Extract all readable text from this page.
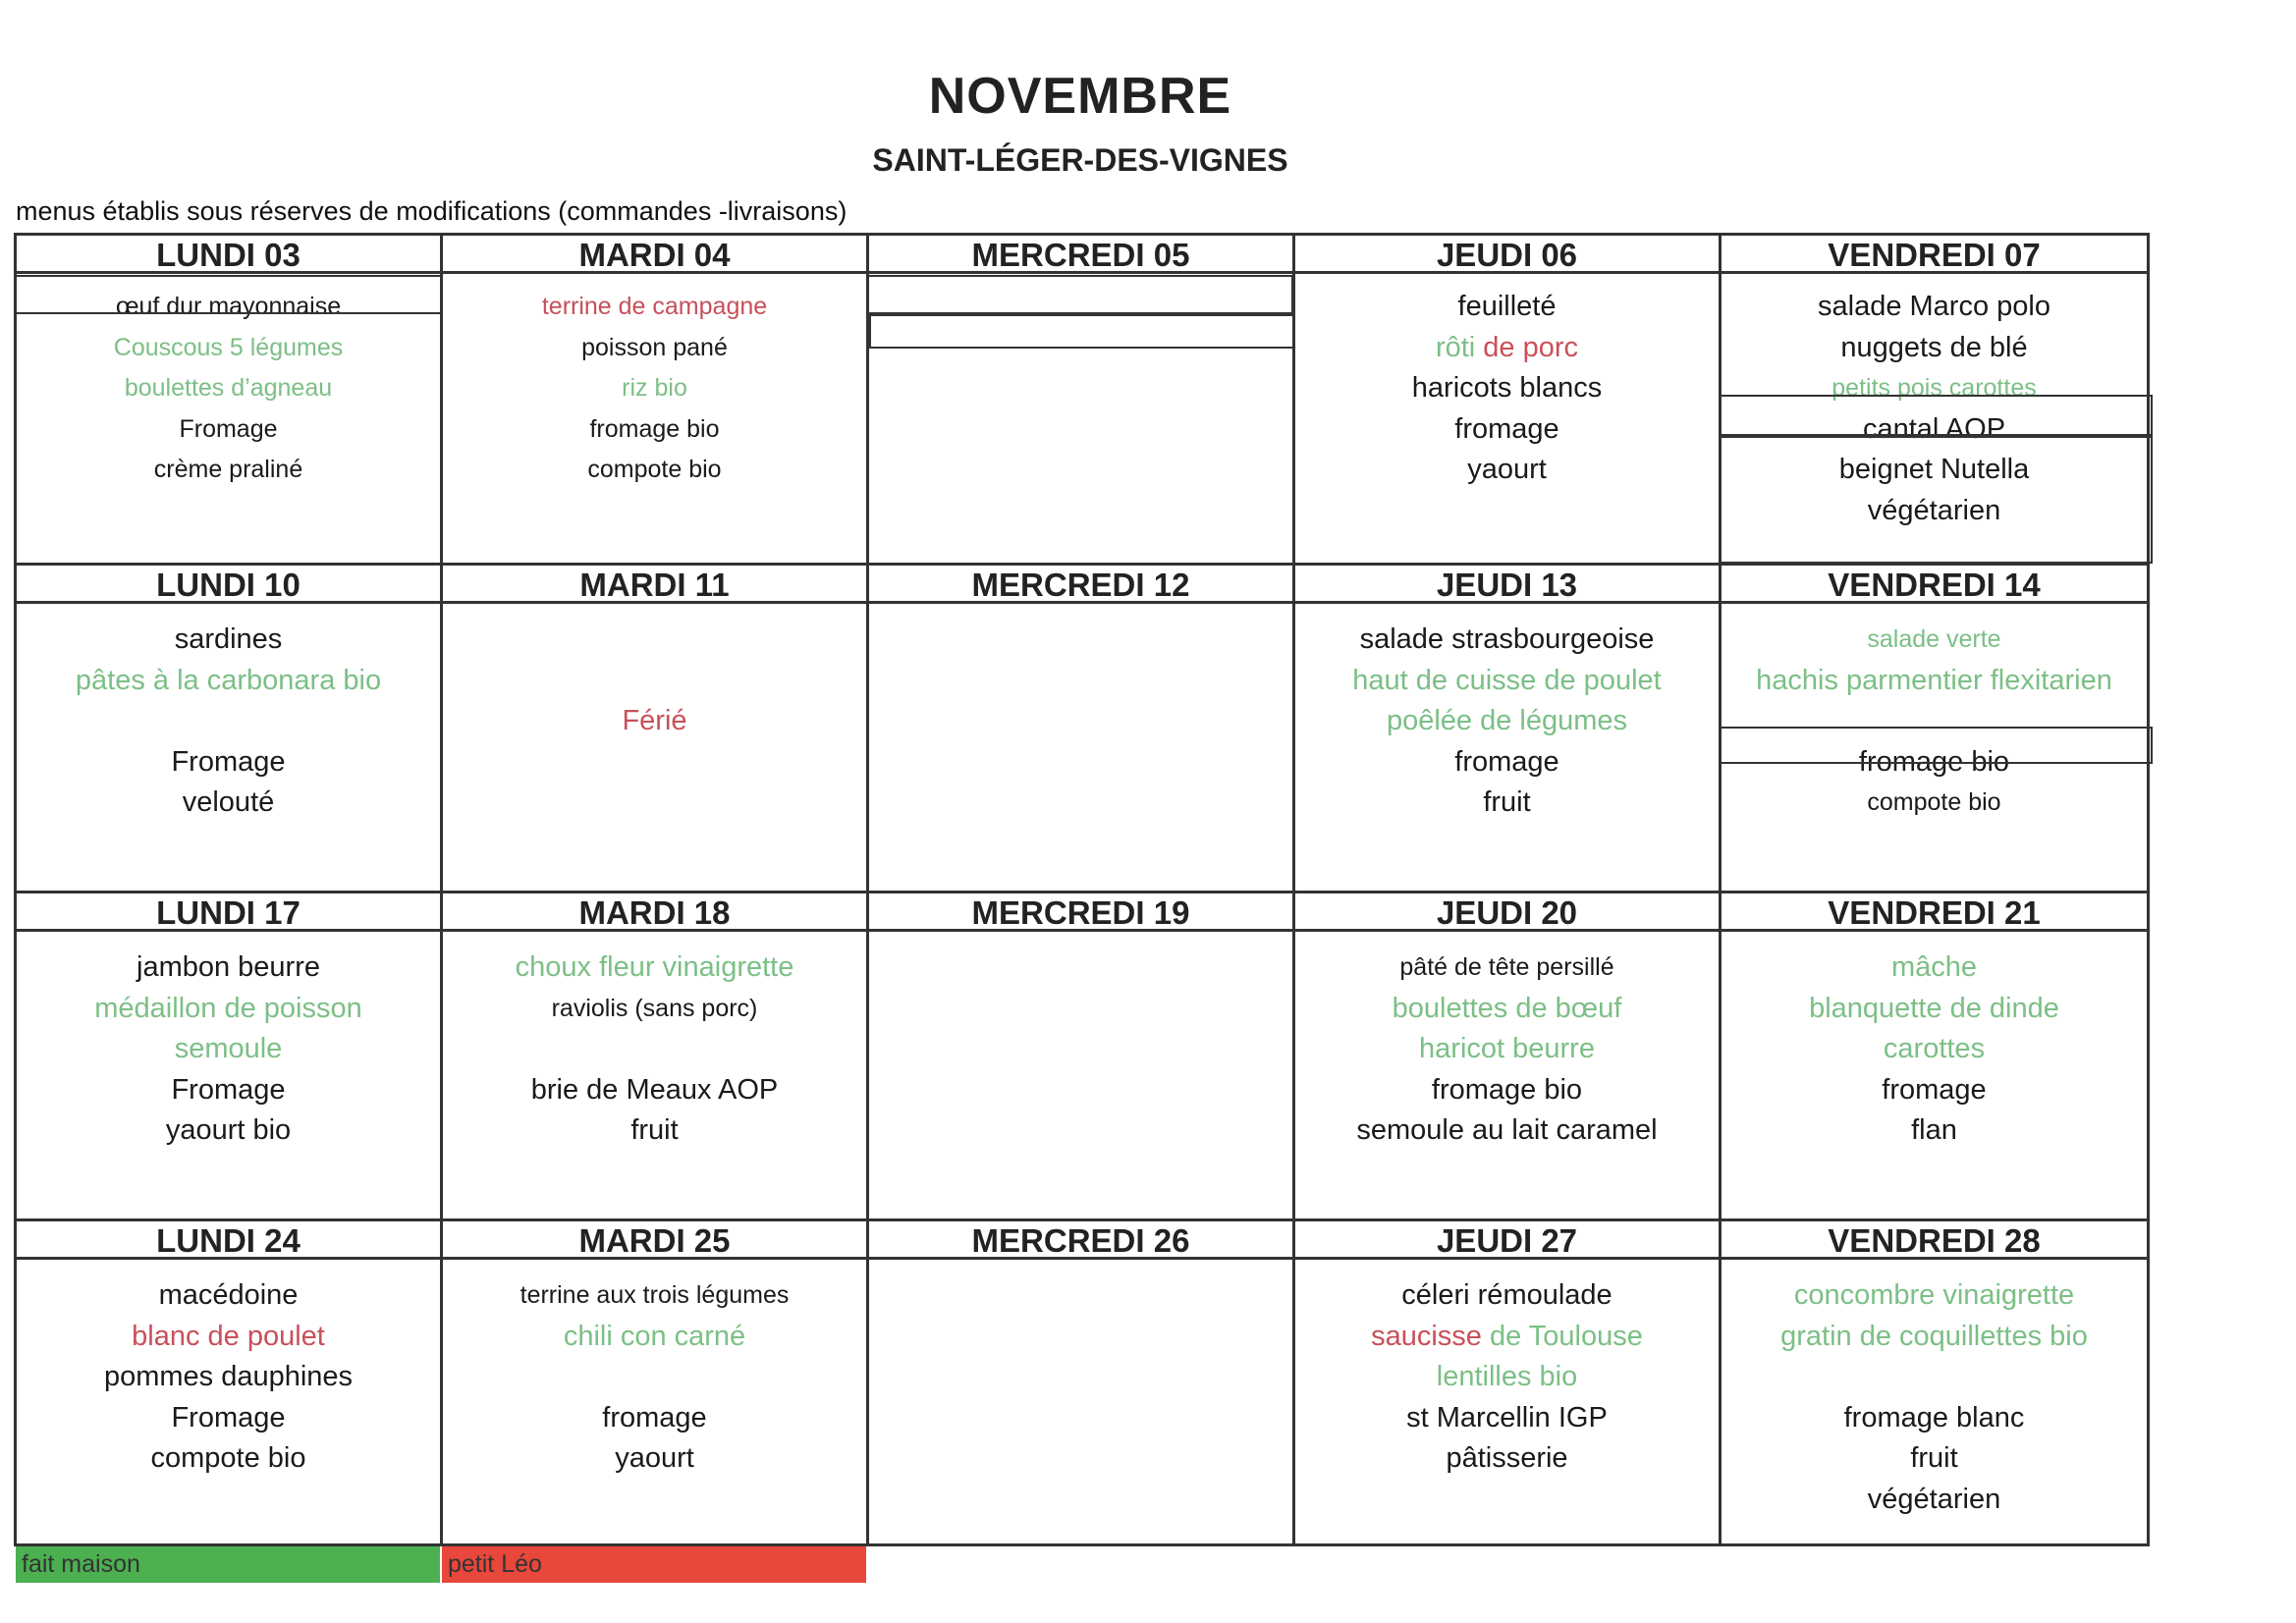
NOVEMBRE
SAINT-LÉGER-DES-VIGNES
menus établis sous réserves de modifications (commandes -livraisons)
LUNDI 03
œuf dur mayonnaise
Couscous 5 légumes
boulettes d’agneau
Fromage
crème praliné
LUNDI 10
sardines
pâtes à la carbonara bio
Fromage
velouté
LUNDI 17
jambon beurre
médaillon de poisson
semoule
Fromage
yaourt bio
LUNDI 24
macédoine
blanc de poulet
pommes dauphines
Fromage
compote bio
MARDI 04
terrine de campagne
poisson pané
riz bio
fromage bio
compote bio
MARDI 11
Férié
MARDI 18
choux fleur vinaigrette
raviolis (sans porc)
brie de Meaux AOP
fruit
MARDI 25
terrine aux trois légumes
chili con carné
fromage
yaourt
MERCREDI 05
MERCREDI 12
MERCREDI 19
MERCREDI 26
JEUDI 06
feuilleté
rôti de porc
haricots blancs
fromage
yaourt
JEUDI 13
salade strasbourgeoise
haut de cuisse de poulet
poêlée de légumes
fromage
fruit
JEUDI 20
pâté de tête persillé
boulettes de bœuf
haricot beurre
fromage bio
semoule au lait caramel
JEUDI 27
céleri rémoulade
saucisse de Toulouse
lentilles bio
st Marcellin IGP
pâtisserie
VENDREDI 07
salade Marco polo
nuggets de blé
petits pois carottes
cantal AOP
beignet Nutella
végétarien
VENDREDI 14
salade verte
hachis parmentier flexitarien
fromage bio
compote bio
VENDREDI 21
mâche
blanquette de dinde
carottes
fromage
flan
VENDREDI 28
concombre vinaigrette
gratin de coquillettes bio
fromage blanc
fruit
végétarien
fait maison	petit Léo
